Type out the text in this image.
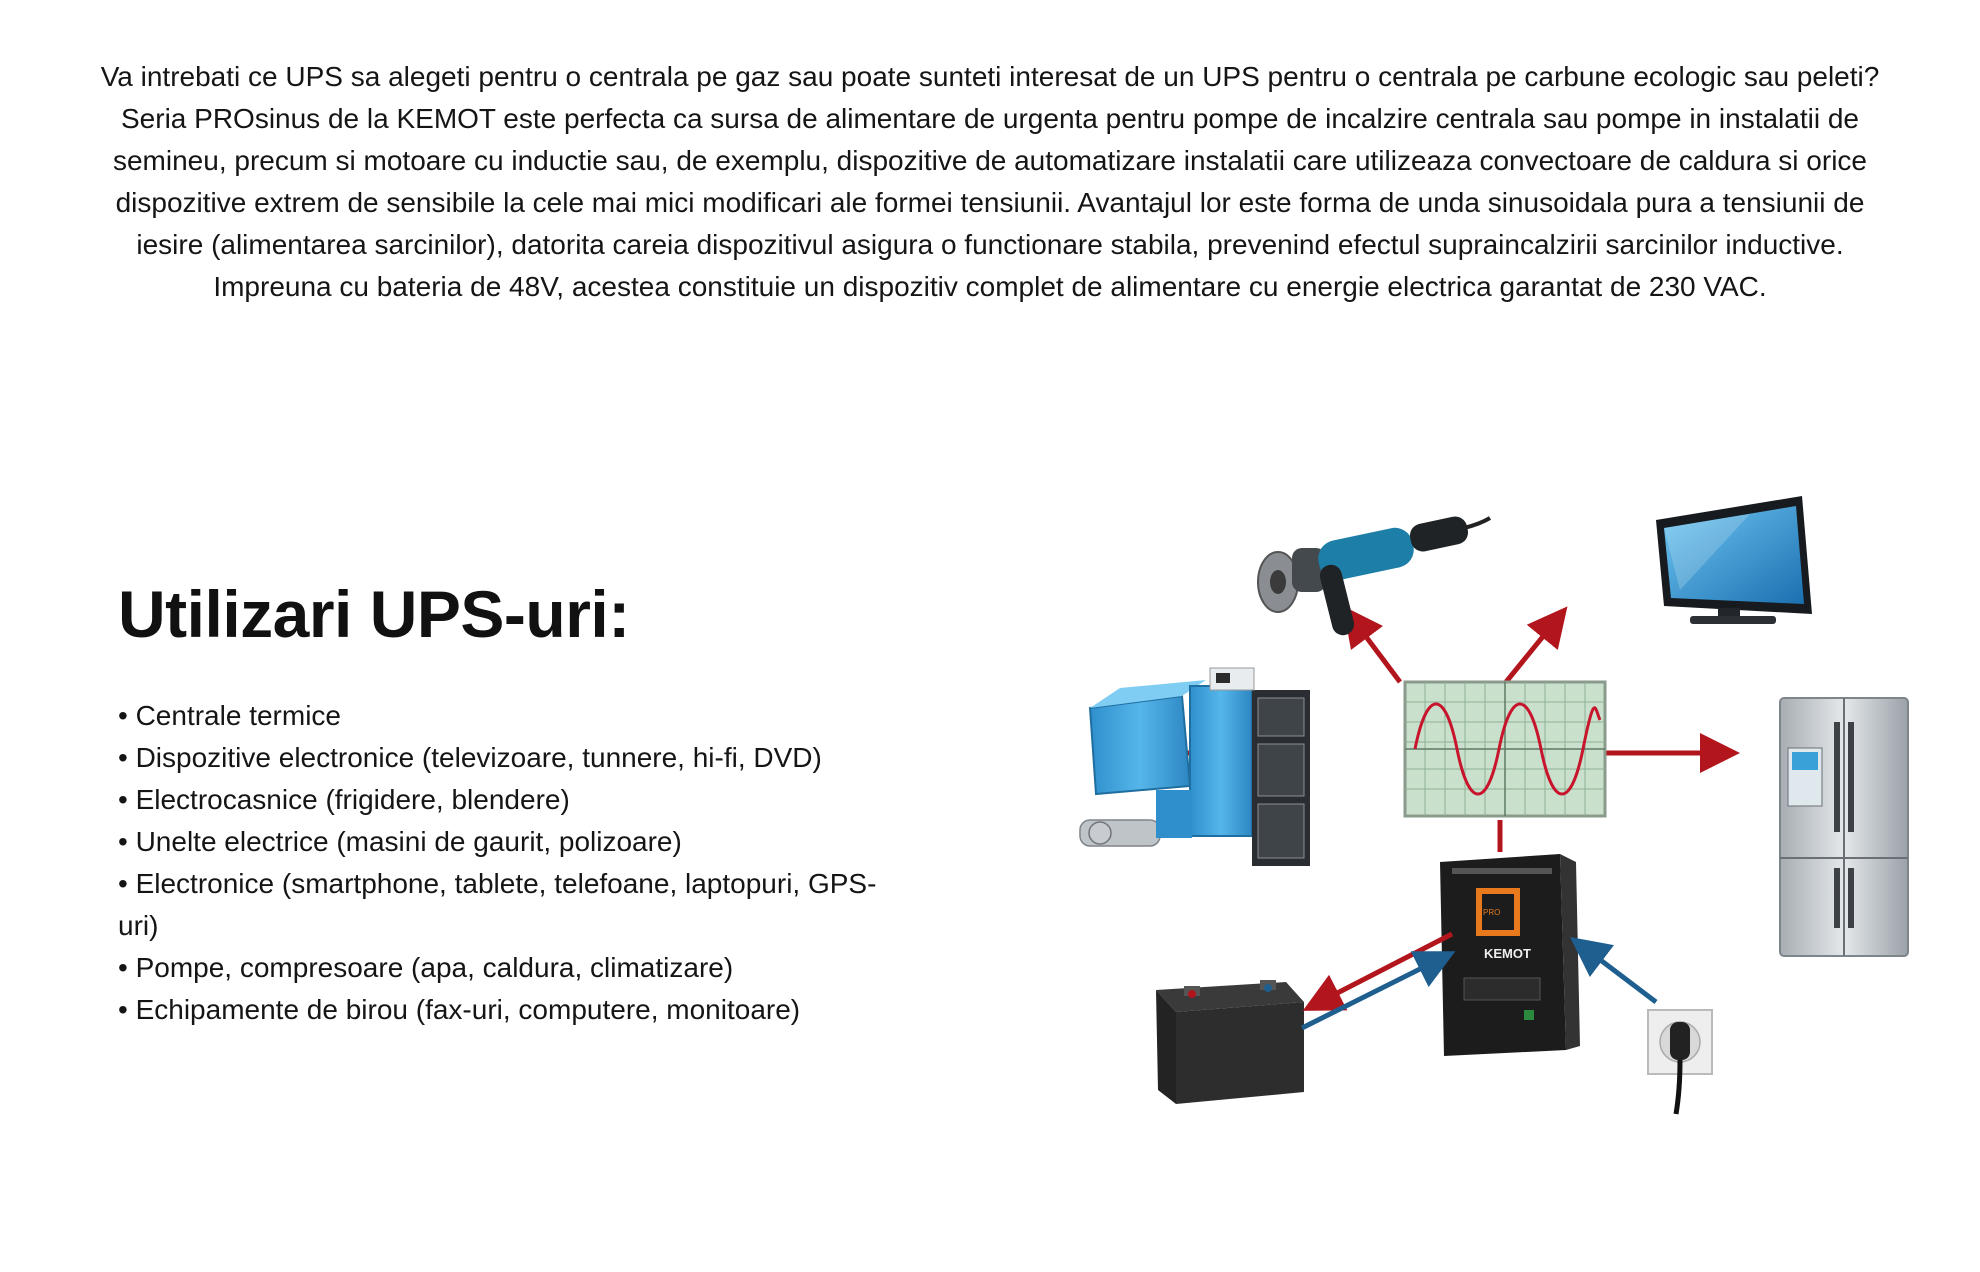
Va intrebati ce UPS sa alegeti pentru o centrala pe gaz sau poate sunteti interesat de un UPS pentru o centrala pe carbune ecologic sau peleti? Seria PROsinus de la KEMOT este perfecta ca sursa de alimentare de urgenta pentru pompe de incalzire centrala sau pompe in instalatii de semineu, precum si motoare cu inductie sau, de exemplu, dispozitive de automatizare instalatii care utilizeaza convectoare de caldura si orice dispozitive extrem de sensibile la cele mai mici modificari ale formei tensiunii. Avantajul lor este forma de unda sinusoidala pura a tensiunii de iesire (alimentarea sarcinilor), datorita careia dispozitivul asigura o functionare stabila, prevenind efectul supraincalzirii sarcinilor inductive. Impreuna cu bateria de 48V, acestea constituie un dispozitiv complet de alimentare cu energie electrica garantat de 230 VAC.

Utilizari UPS-uri:
• Centrale termice
• Dispozitive electronice (televizoare, tunnere, hi-fi, DVD)
• Electrocasnice (frigidere, blendere)
• Unelte electrice (masini de gaurit, polizoare)
• Electronice (smartphone, tablete, telefoane, laptopuri, GPS-uri)
• Pompe, compresoare (apa, caldura, climatizare)
• Echipamente de birou (fax-uri, computere, monitoare)
PRO
KEMOT
